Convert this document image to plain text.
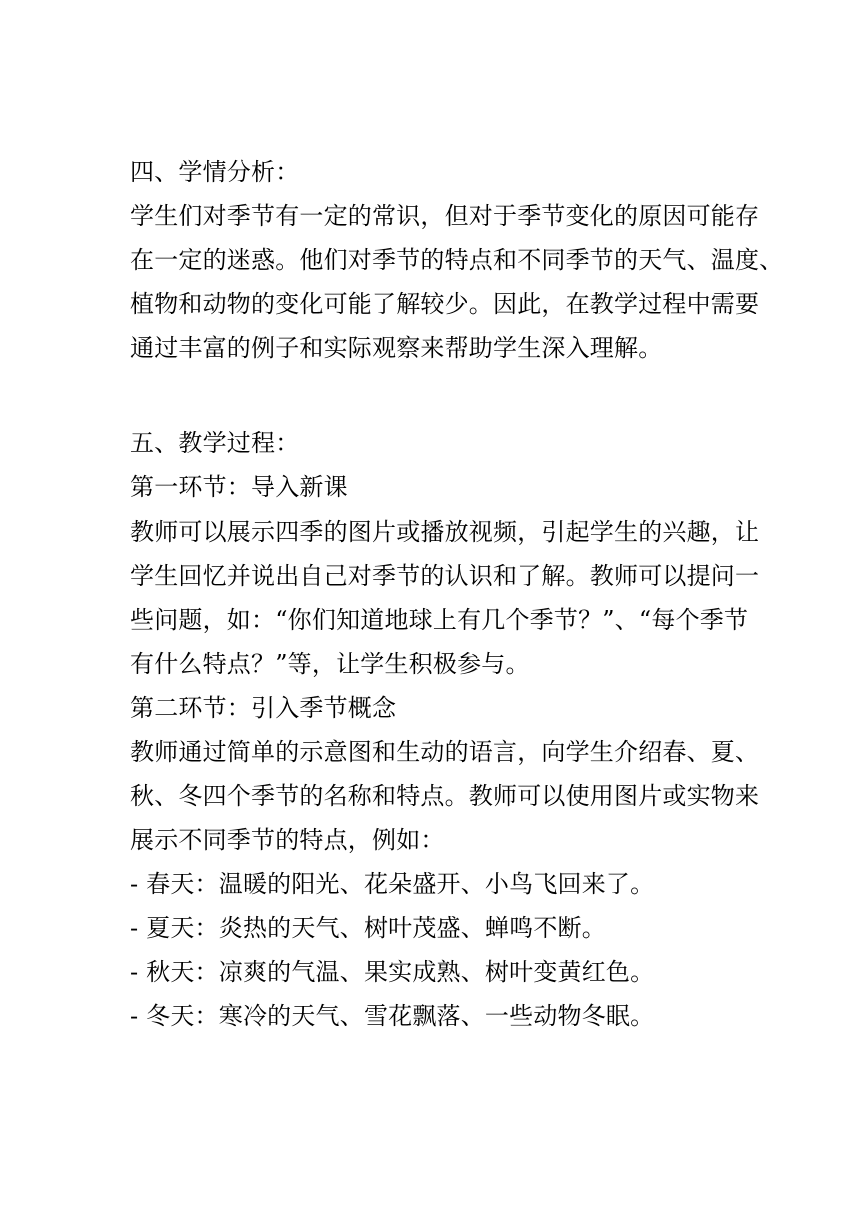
四、学情分析：
学生们对季节有一定的常识，但对于季节变化的原因可能存
在一定的迷惑。他们对季节的特点和不同季节的天气、温度、
植物和动物的变化可能了解较少。因此，在教学过程中需要
通过丰富的例子和实际观察来帮助学生深入理解。
五、教学过程：
第一环节：导入新课
教师可以展示四季的图片或播放视频，引起学生的兴趣，让
学生回忆并说出自己对季节的认识和了解。教师可以提问一
些问题，如：“你们知道地球上有几个季节？”、“每个季节
有什么特点？”等，让学生积极参与。
第二环节：引入季节概念
教师通过简单的示意图和生动的语言，向学生介绍春、夏、
秋、冬四个季节的名称和特点。教师可以使用图片或实物来
展示不同季节的特点，例如：
- 春天：温暖的阳光、花朵盛开、小鸟飞回来了。
- 夏天：炎热的天气、树叶茂盛、蝉鸣不断。
- 秋天：凉爽的气温、果实成熟、树叶变黄红色。
- 冬天：寒冷的天气、雪花飘落、一些动物冬眠。
